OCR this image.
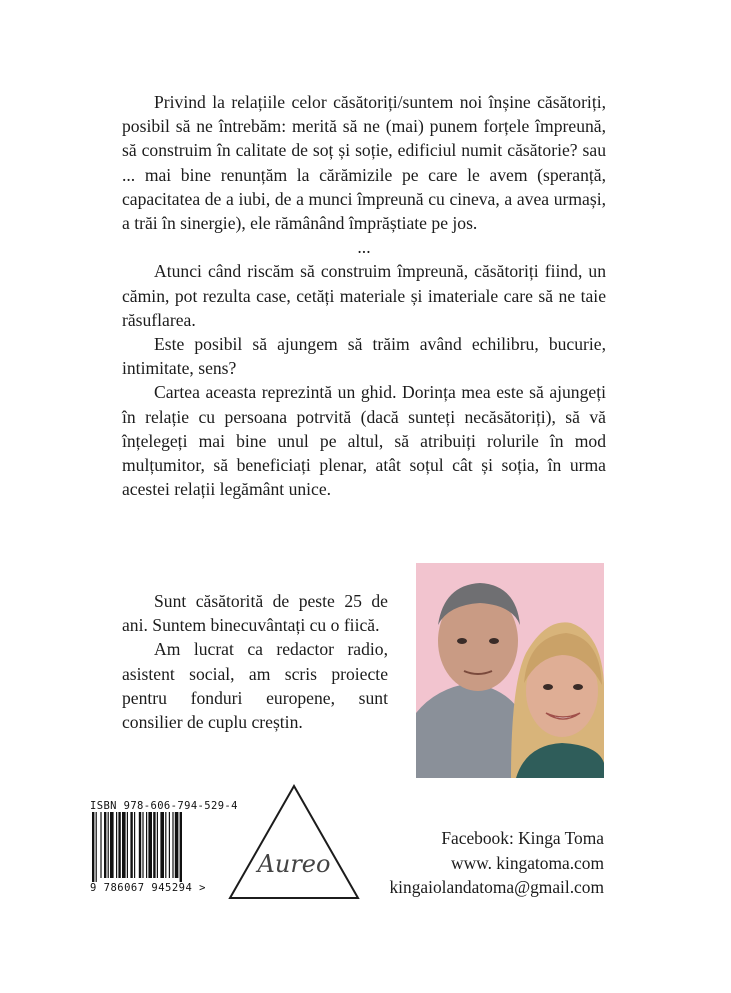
Privind la relațiile celor căsătoriți/suntem noi înșine căsătoriți, posibil să ne întrebăm: merită să ne (mai) punem forțele împreună, să construim în calitate de soț și soție, edificiul numit căsătorie? sau ... mai bine renunțăm la cărămizile pe care le avem (speranță, capacitatea de a iubi, de a munci împreună cu cineva, a avea urmași, a trăi în sinergie), ele rămânând împrăștiate pe jos.

...

Atunci când riscăm să construim împreună, căsătoriți fiind, un cămin, pot rezulta case, cetăți materiale și imateriale care să ne taie răsuflarea.

Este posibil să ajungem să trăim având echilibru, bucurie, intimitate, sens?

Cartea aceasta reprezintă un ghid. Dorința mea este să ajungeți în relație cu persoana potrvită (dacă sunteți necăsătoriți), să vă înțelegeți mai bine unul pe altul, să atribuiți rolurile în mod mulțumitor, să beneficiați plenar, atât soțul cât și soția, în urma acestei relații legământ unice.

Sunt căsătorită de peste 25 de ani. Suntem binecuvântați cu o fiică.

Am lucrat ca redactor radio, asistent social, am scris proiecte pentru fonduri europene, sunt consilier de cuplu creștin.

ISBN 978-606-794-529-4
9 786067 945294 >
Aureo
Facebook: Kinga Toma
www. kingatoma.com
kingaiolandatoma@gmail.com
